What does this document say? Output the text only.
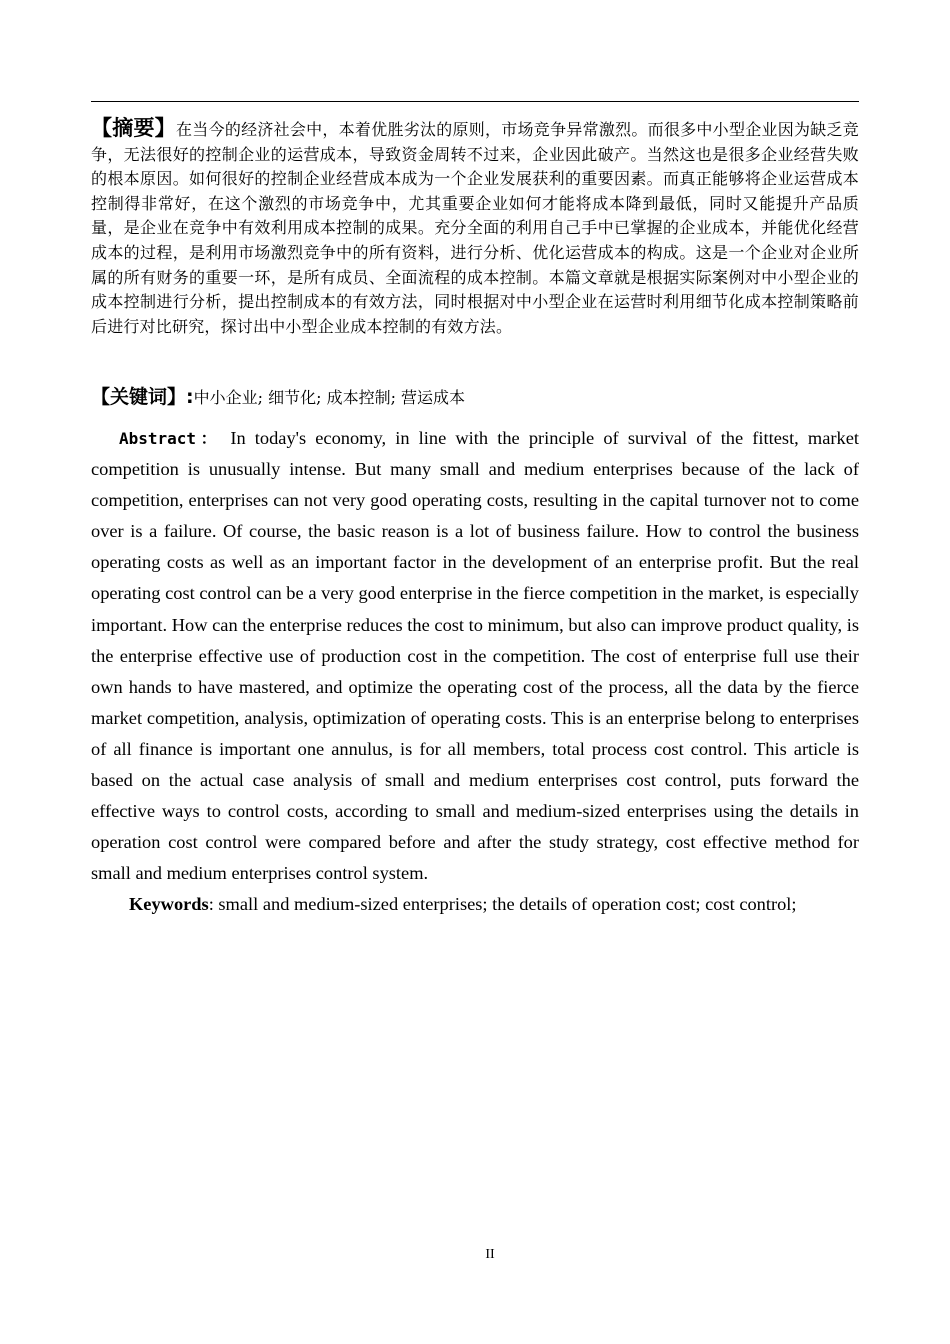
【摘要】在当今的经济社会中，本着优胜劣汰的原则，市场竞争异常激烈。而很多中小型企业因为缺乏竞争，无法很好的控制企业的运营成本，导致资金周转不过来，企业因此破产。当然这也是很多企业经营失败的根本原因。如何很好的控制企业经营成本成为一个企业发展获利的重要因素。而真正能够将企业运营成本控制得非常好，在这个激烈的市场竞争中，尤其重要企业如何才能将成本降到最低，同时又能提升产品质量，是企业在竞争中有效利用成本控制的成果。充分全面的利用自己手中已掌握的企业成本，并能优化经营成本的过程，是利用市场激烈竞争中的所有资料，进行分析、优化运营成本的构成。这是一个企业对企业所属的所有财务的重要一环，是所有成员、全面流程的成本控制。本篇文章就是根据实际案例对中小型企业的成本控制进行分析，提出控制成本的有效方法，同时根据对中小型企业在运营时利用细节化成本控制策略前后进行对比研究，探讨出中小型企业成本控制的有效方法。
【关键词】:中小企业; 细节化; 成本控制; 营运成本
Abstract： In today's economy, in line with the principle of survival of the fittest, market competition is unusually intense. But many small and medium enterprises because of the lack of competition, enterprises can not very good operating costs, resulting in the capital turnover not to come over is a failure. Of course, the basic reason is a lot of business failure. How to control the business operating costs as well as an important factor in the development of an enterprise profit. But the real operating cost control can be a very good enterprise in the fierce competition in the market, is especially important. How can the enterprise reduces the cost to minimum, but also can improve product quality, is the enterprise effective use of production cost in the competition. The cost of enterprise full use their own hands to have mastered, and optimize the operating cost of the process, all the data by the fierce market competition, analysis, optimization of operating costs. This is an enterprise belong to enterprises of all finance is important one annulus, is for all members, total process cost control. This article is based on the actual case analysis of small and medium enterprises cost control, puts forward the effective ways to control costs, according to small and medium-sized enterprises using the details in operation cost control were compared before and after the study strategy, cost effective method for small and medium enterprises control system.
Keywords: small and medium-sized enterprises; the details of operation cost; cost control;
II
